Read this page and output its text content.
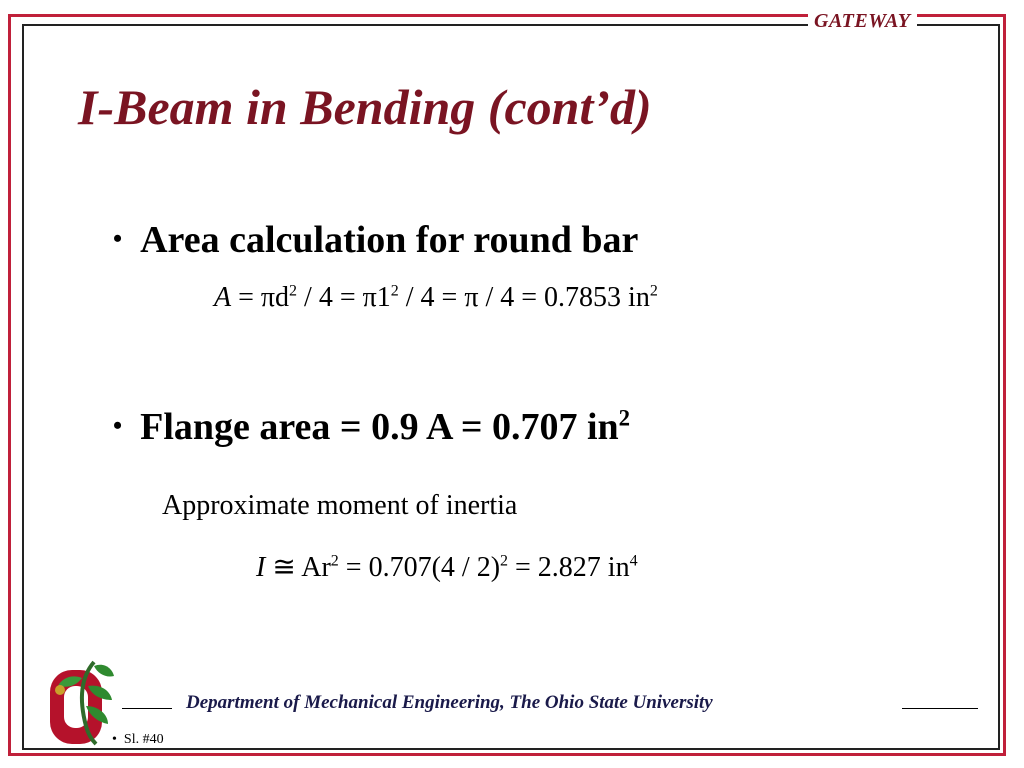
GATEWAY
I-Beam in Bending (cont’d)
• Area calculation for round bar
$A = \pi d^2 / 4 = \pi 1^2 / 4 = \pi / 4 = 0.7853$ $in^2$
• Flange area = 0.9 A = 0.707 $in^2$
Approximate moment of inertia
I ≅ $Ar^2 = 0.707(4 / 2)^2 = 2.827$ $in^4$
Department of Mechanical Engineering, The Ohio State University
• Sl. #40
